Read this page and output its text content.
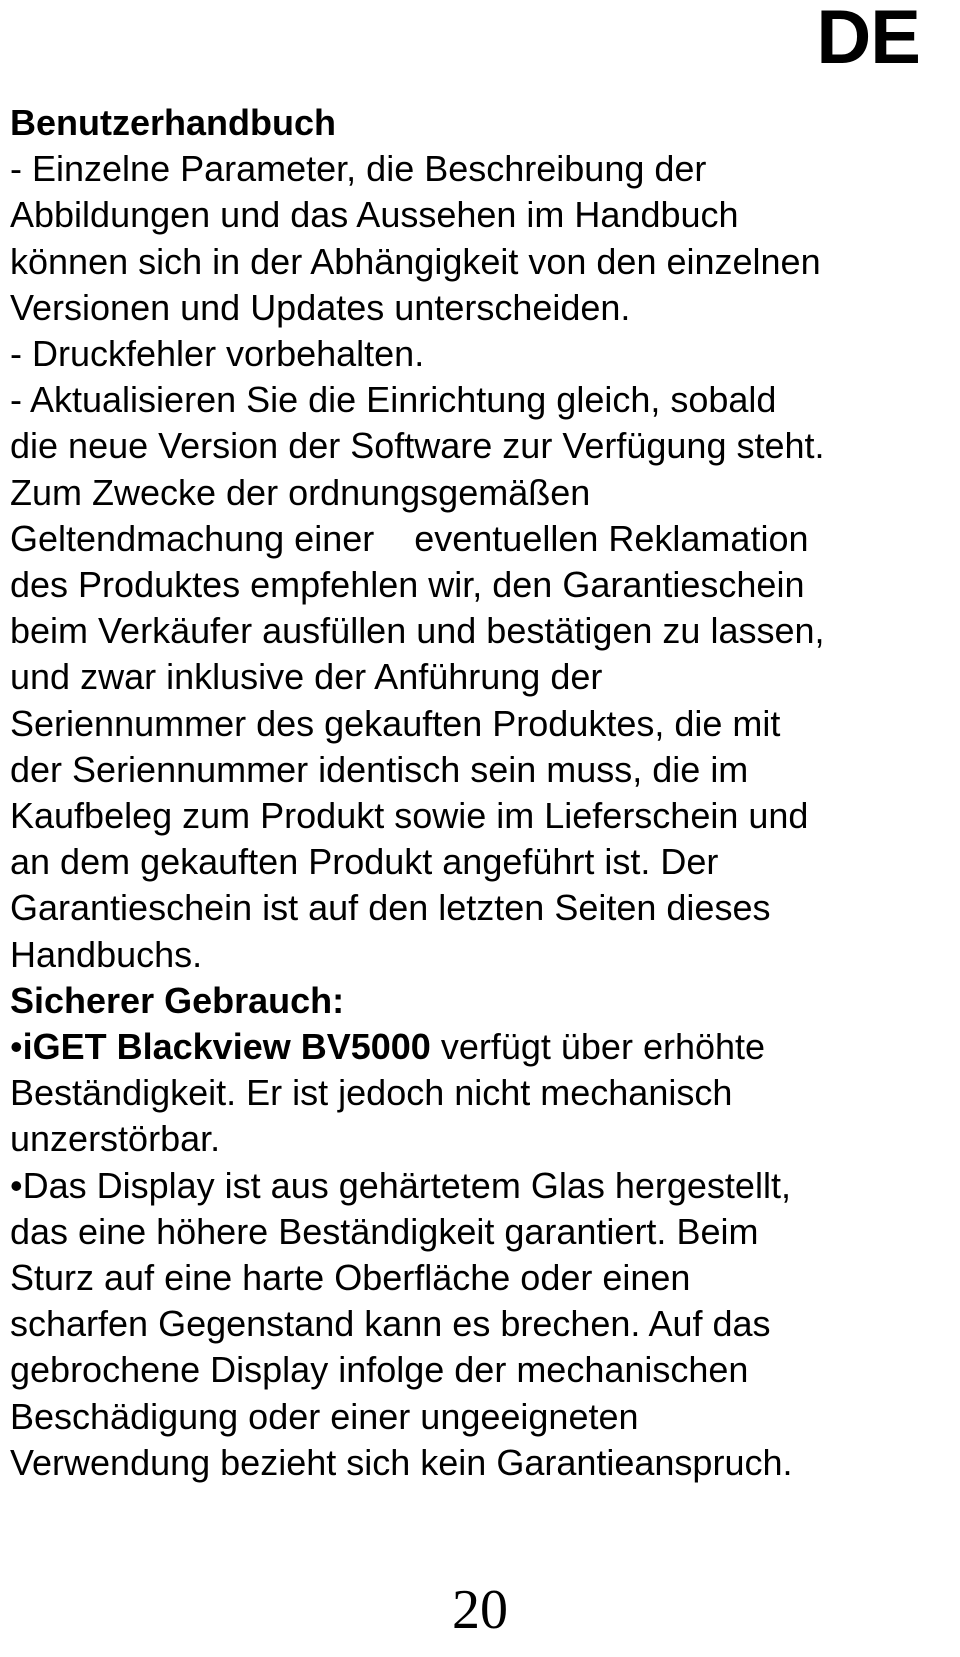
DE
Benutzerhandbuch
- Einzelne Parameter, die Beschreibung der
Abbildungen und das Aussehen im Handbuch
können sich in der Abhängigkeit von den einzelnen
Versionen und Updates unterscheiden.
- Druckfehler vorbehalten.
- Aktualisieren Sie die Einrichtung gleich, sobald
die neue Version der Software zur Verfügung steht.
Zum Zwecke der ordnungsgemäßen
Geltendmachung einer    eventuellen Reklamation
des Produktes empfehlen wir, den Garantieschein
beim Verkäufer ausfüllen und bestätigen zu lassen,
und zwar inklusive der Anführung der
Seriennummer des gekauften Produktes, die mit
der Seriennummer identisch sein muss, die im
Kaufbeleg zum Produkt sowie im Lieferschein und
an dem gekauften Produkt angeführt ist. Der
Garantieschein ist auf den letzten Seiten dieses
Handbuchs.
Sicherer Gebrauch:
•iGET Blackview BV5000 verfügt über erhöhte
Beständigkeit. Er ist jedoch nicht mechanisch
unzerstörbar.
•Das Display ist aus gehärtetem Glas hergestellt,
das eine höhere Beständigkeit garantiert. Beim
Sturz auf eine harte Oberfläche oder einen
scharfen Gegenstand kann es brechen. Auf das
gebrochene Display infolge der mechanischen
Beschädigung oder einer ungeeigneten
Verwendung bezieht sich kein Garantieanspruch.
20
